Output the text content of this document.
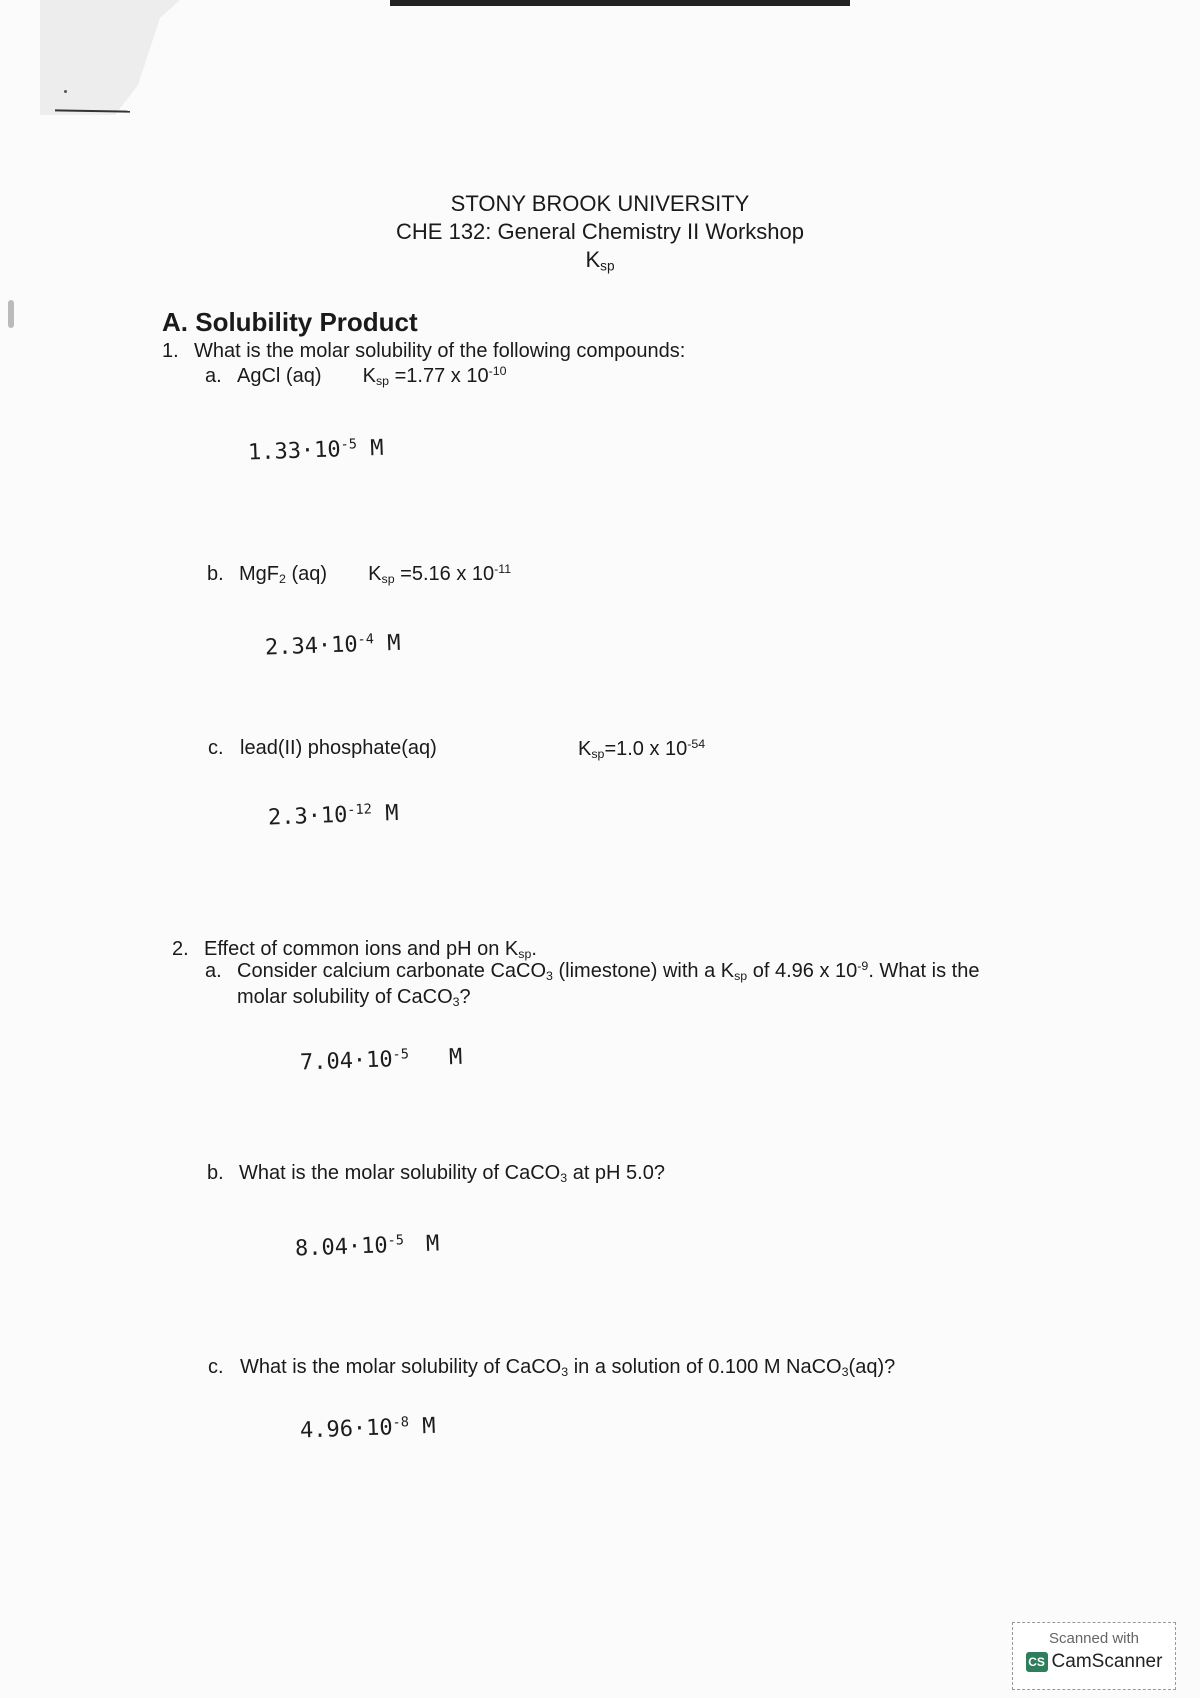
STONY BROOK UNIVERSITY
CHE 132: General Chemistry II Workshop
$K_{sp}$
A. Solubility Product
1. What is the molar solubility of the following compounds:
a. AgCl (aq) $K_{sp} =1.77$ x $10^{-10}$
$1.33\cdot 10^{-5}$ M
b. MgF$_2$ (aq) $K_{sp} =5.16$ x $10^{-11}$
$2.34\cdot 10^{-4}$ M
c. lead(II) phosphate(aq)	$K_{sp}=1.0$ x $10^{-54}$
$2.3\cdot 10^{-12}$ M
2. Effect of common ions and pH on $K_{sp}$.
a. Consider calcium carbonate CaCO$_3$ (limestone) with a $K_{sp}$ of 4.96 x $10^{-9}$. What is the
molar solubility of CaCO$_3$?
$7.04\cdot 10^{-5}$ M
b. What is the molar solubility of CaCO$_3$ at pH 5.0?
$8.04\cdot 10^{-5}$ M
c. What is the molar solubility of CaCO$_3$ in a solution of 0.100 M NaCO$_3$(aq)?
$4.96\cdot 10^{-8}$ M
Scanned with
CS CamScanner
